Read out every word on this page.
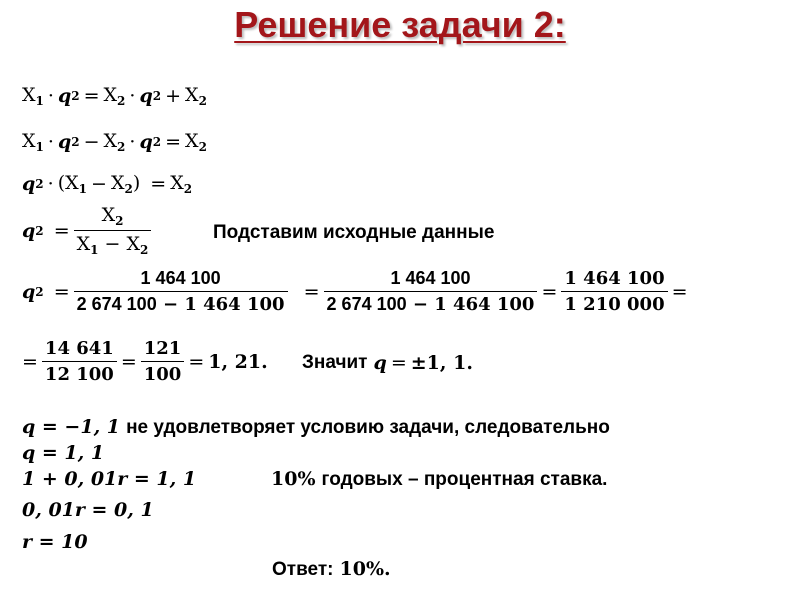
Решение задачи 2:
$Х_1 \cdot q$ $2 = Х_2 \cdot q$ $2 + Х_2$
$Х_1 \cdot q$ $2 - Х_2 \cdot q$ $2 = Х_2$
q $2 \cdot (Х_1 - Х_2) = Х_2$
q $2 = \frac{Х_2}{Х_1 - Х_2}$	Подставим исходные данные
q $2 = \frac{1 464 100}{2 674 100 - 1 464 100} = \frac{1 464 100}{2 674 100 - 1 464 100} = \frac{1 464 100}{1 210 000}$ =
= $\frac{14 641}{12 100} = \frac{121}{100} = 1$, 21. Значит
q = ±1, 1.
q = −1, 1 не удовлетворяет условию задачи, следовательно
q = 1, 1
1 + 0, 01r = 1, 1	10% годовых – процентная ставка.
0, 01r = 0, 1
r = 10
Ответ: 10%.
